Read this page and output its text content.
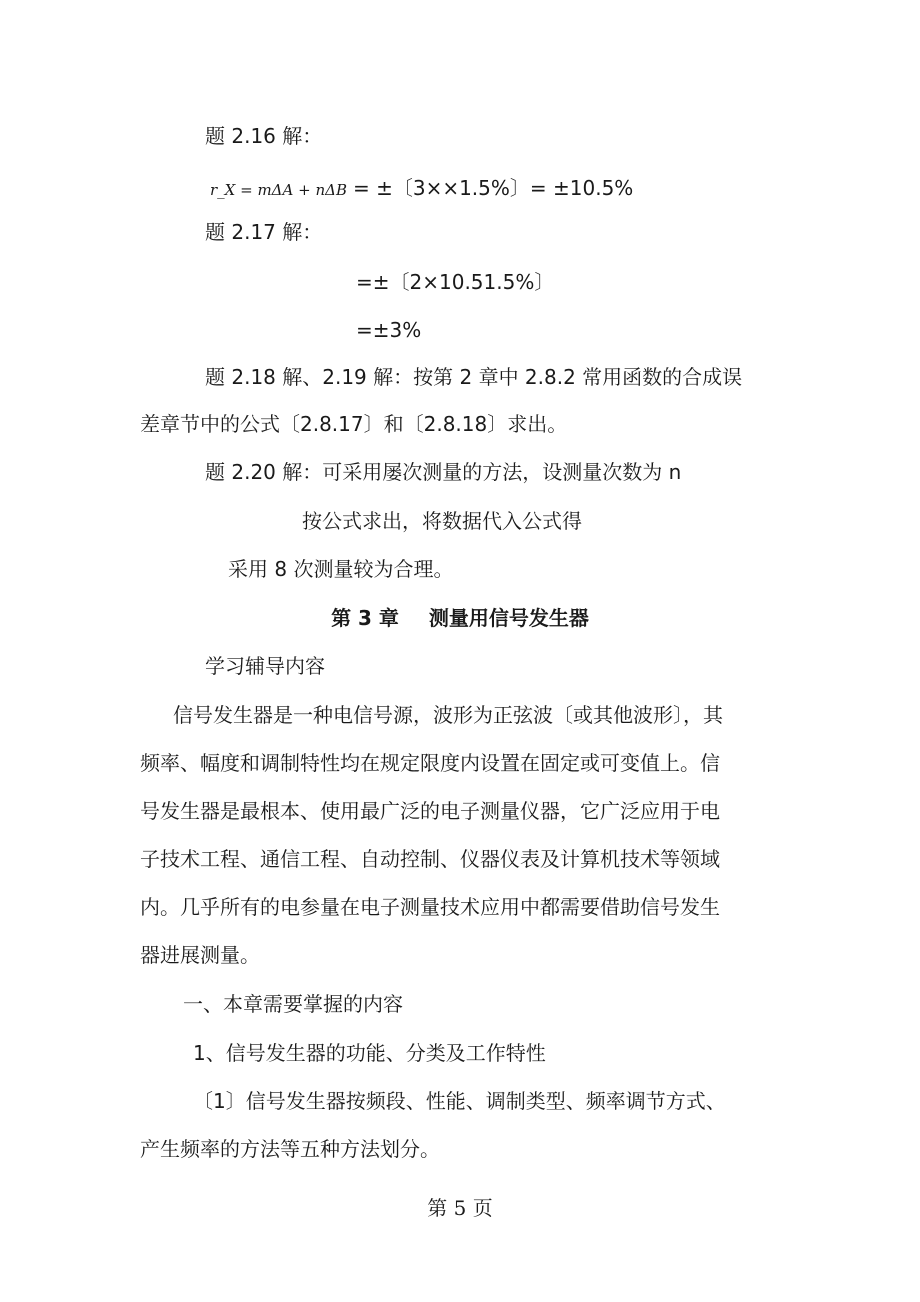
题 2.16 解：
r_X = mΔA + nΔB = ±〔3××1.5%〕= ±10.5%
题 2.17 解：
=±〔2×10.51.5%〕
=±3%
题 2.18 解、2.19 解：按第 2 章中 2.8.2 常用函数的合成误
差章节中的公式〔2.8.17〕和〔2.8.18〕求出。
题 2.20 解：可采用屡次测量的方法，设测量次数为 n
按公式求出，将数据代入公式得
采用 8 次测量较为合理。
第 3 章 测量用信号发生器
学习辅导内容
信号发生器是一种电信号源，波形为正弦波〔或其他波形〕，其
频率、幅度和调制特性均在规定限度内设置在固定或可变值上。信
号发生器是最根本、使用最广泛的电子测量仪器，它广泛应用于电
子技术工程、通信工程、自动控制、仪器仪表及计算机技术等领域
内。几乎所有的电参量在电子测量技术应用中都需要借助信号发生
器进展测量。
一、本章需要掌握的内容
1、信号发生器的功能、分类及工作特性
〔1〕信号发生器按频段、性能、调制类型、频率调节方式、
产生频率的方法等五种方法划分。
第 5 页
